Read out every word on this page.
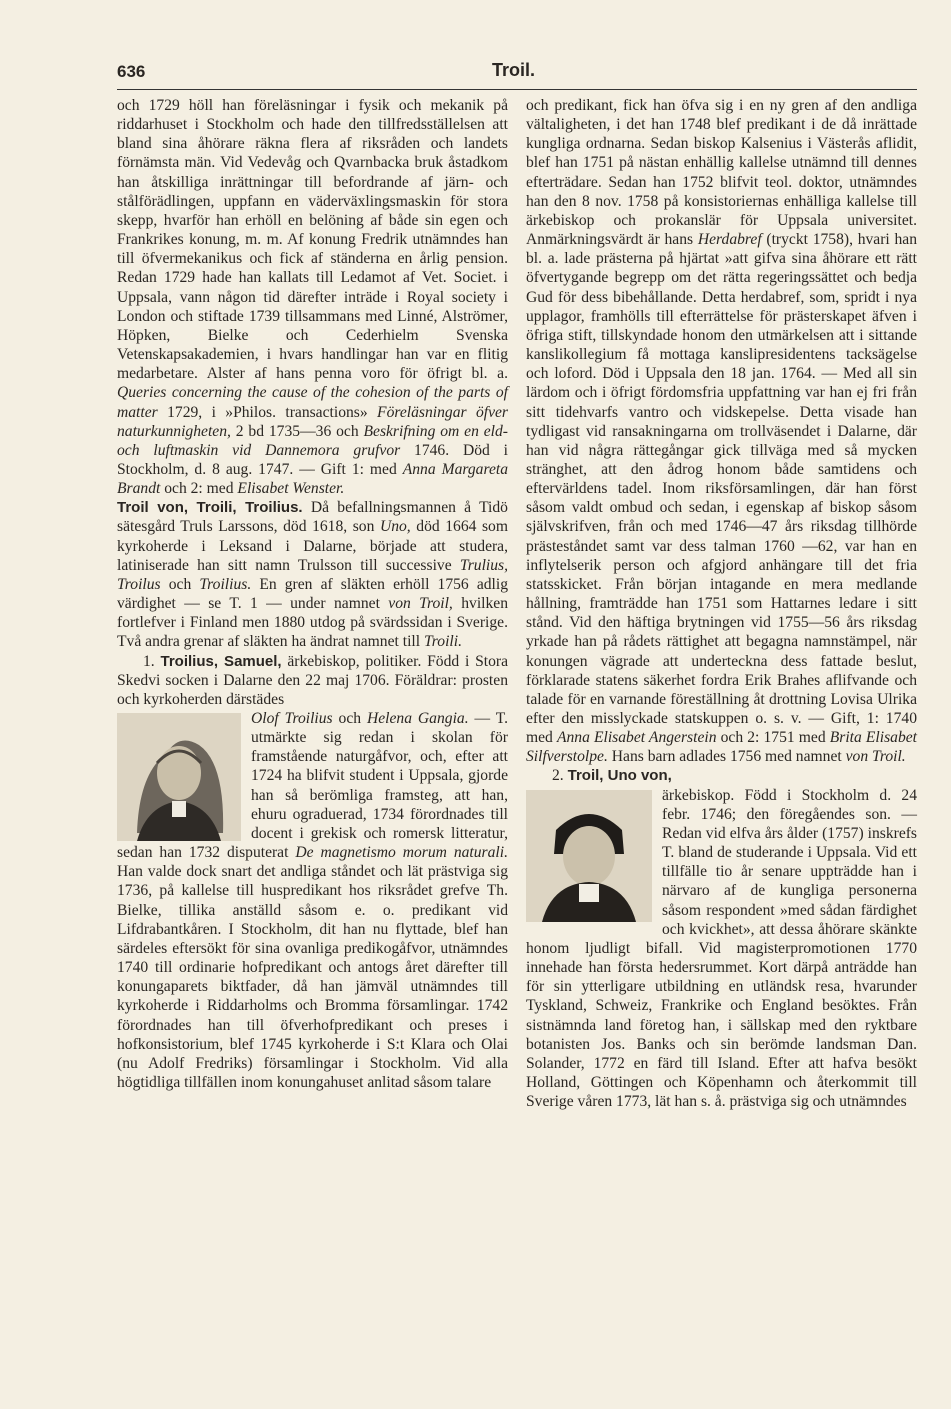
636	Troil.

och 1729 höll han föreläsningar i fysik och mekanik på riddarhuset i Stockholm och hade den tillfredsställelsen att bland sina åhörare räkna flera af riksråden och landets förnämsta män. Vid Vedevåg och Qvarnbacka bruk åstadkom han åtskilliga inrättningar till befordrande af järn- och stålförädlingen, uppfann en väderväxlingsmaskin för stora skepp, hvarför han erhöll en belöning af både sin egen och Frankrikes konung, m. m. Af konung Fredrik utnämndes han till öfvermekanikus och fick af ständerna en årlig pension. Redan 1729 hade han kallats till Ledamot af Vet. Societ. i Uppsala, vann någon tid därefter inträde i Royal society i London och stiftade 1739 tillsammans med Linné, Alströmer, Höpken, Bielke och Cederhielm Svenska Vetenskapsakademien, i hvars handlingar han var en flitig medarbetare. Alster af hans penna voro för öfrigt bl. a. Queries concerning the cause of the cohesion of the parts of matter 1729, i »Philos. transactions» Föreläsningar öfver naturkunnigheten, 2 bd 1735—36 och Beskrifning om en eld- och luftmaskin vid Dannemora grufvor 1746. Död i Stockholm, d. 8 aug. 1747. — Gift 1: med Anna Margareta Brandt och 2: med Elisabet Wenster.

Troil von, Troili, Troilius. Då befallningsmannen å Tidö sätesgård Truls Larssons, död 1618, son Uno, död 1664 som kyrkoherde i Leksand i Dalarne, började att studera, latiniserade han sitt namn Trulsson till successive Trulius, Troilus och Troilius. En gren af släkten erhöll 1756 adlig värdighet — se T. 1 — under namnet von Troil, hvilken fortlefver i Finland men 1880 utdog på svärdssidan i Sverige. Två andra grenar af släkten ha ändrat namnet till Troili.

1. Troilius, Samuel, ärkebiskop, politiker. Född i Stora Skedvi socken i Dalarne den 22 maj 1706. Föräldrar: prosten och kyrkoherden därstädes

Olof Troilius och Helena Gangia. — T. utmärkte sig redan i skolan för framstående naturgåfvor, och, efter att 1724 ha blifvit student i Uppsala, gjorde han så berömliga framsteg, att han, ehuru ograduerad, 1734 förordnades till docent i grekisk och romersk litteratur, sedan han 1732 disputerat De magnetismo morum naturali. Han valde dock snart det andliga ståndet och lät prästviga sig 1736, på kallelse till huspredikant hos riksrådet grefve Th. Bielke, tillika anställd såsom e. o. predikant vid Lifdrabantkåren. I Stockholm, dit han nu flyttade, blef han särdeles eftersökt för sina ovanliga predikogåfvor, utnämndes 1740 till ordinarie hofpredikant och antogs året därefter till konungaparets biktfader, då han jämväl utnämndes till kyrkoherde i Riddarholms och Bromma församlingar. 1742 förordnades han till öfverhofpredikant och preses i hofkonsistorium, blef 1745 kyrkoherde i S:t Klara och Olai (nu Adolf Fredriks) församlingar i Stockholm. Vid alla högtidliga tillfällen inom konungahuset anlitad såsom talare

och predikant, fick han öfva sig i en ny gren af den andliga vältaligheten, i det han 1748 blef predikant i de då inrättade kungliga ordnarna. Sedan biskop Kalsenius i Västerås aflidit, blef han 1751 på nästan enhällig kallelse utnämnd till dennes efterträdare. Sedan han 1752 blifvit teol. doktor, utnämndes han den 8 nov. 1758 på konsistoriernas enhälliga kallelse till ärkebiskop och prokanslär för Uppsala universitet. Anmärkningsvärdt är hans Herdabref (tryckt 1758), hvari han bl. a. lade prästerna på hjärtat »att gifva sina åhörare ett rätt öfvertygande begrepp om det rätta regeringssättet och bedja Gud för dess bibehållande. Detta herdabref, som, spridt i nya upplagor, framhölls till efterrättelse för prästerskapet äfven i öfriga stift, tillskyndade honom den utmärkelsen att i sittande kanslikollegium få mottaga kanslipresidentens tacksägelse och loford. Död i Uppsala den 18 jan. 1764. — Med all sin lärdom och i öfrigt fördomsfria uppfattning var han ej fri från sitt tidehvarfs vantro och vidskepelse. Detta visade han tydligast vid ransakningarna om trollväsendet i Dalarne, där han vid några rättegångar gick tillväga med så mycken stränghet, att den ådrog honom både samtidens och eftervärldens tadel. Inom riksförsamlingen, där han först såsom valdt ombud och sedan, i egenskap af biskop såsom självskrifven, från och med 1746—47 års riksdag tillhörde prästeståndet samt var dess talman 1760 —62, var han en inflytelserik person och afgjord anhängare till det fria statsskicket. Från början intagande en mera medlande hållning, framträdde han 1751 som Hattarnes ledare i sitt stånd. Vid den häftiga brytningen vid 1755—56 års riksdag yrkade han på rådets rättighet att begagna namnstämpel, när konungen vägrade att underteckna dess fattade beslut, förklarade statens säkerhet fordra Erik Brahes aflifvande och talade för en varnande föreställning åt drottning Lovisa Ulrika efter den misslyckade statskuppen o. s. v. — Gift, 1: 1740 med Anna Elisabet Angerstein och 2: 1751 med Brita Elisabet Silfverstolpe. Hans barn adlades 1756 med namnet von Troil.

2. Troil, Uno von,

ärkebiskop. Född i Stockholm d. 24 febr. 1746; den föregåendes son. — Redan vid elfva års ålder (1757) inskrefs T. bland de studerande i Uppsala. Vid ett tillfälle tio år senare uppträdde han i närvaro af de kungliga personerna såsom respondent »med sådan färdighet och kvickhet», att dessa åhörare skänkte honom ljudligt bifall. Vid magisterpromotionen 1770 innehade han första hedersrummet. Kort därpå anträdde han för sin ytterligare utbildning en utländsk resa, hvarunder Tyskland, Schweiz, Frankrike och England besöktes. Från sistnämnda land företog han, i sällskap med den ryktbare botanisten Jos. Banks och sin berömde landsman Dan. Solander, 1772 en färd till Island. Efter att hafva besökt Holland, Göttingen och Köpenhamn och återkommit till Sverige våren 1773, lät han s. å. prästviga sig och utnämndes
